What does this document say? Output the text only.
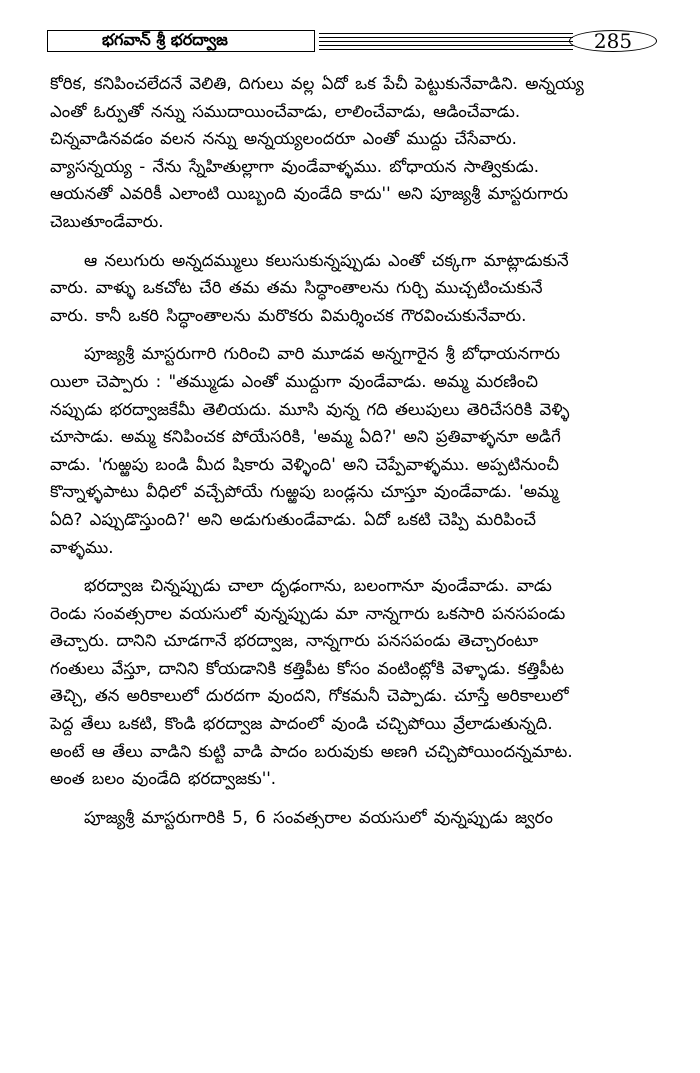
భగవాన్ శ్రీ భరద్వాజ	285
కోరిక, కనిపించలేదనే వెలితి, దిగులు వల్ల ఏదో ఒక పేచీ పెట్టుకునేవాడిని. అన్నయ్య
ఎంతో ఓర్పుతో నన్ను సముదాయించేవాడు, లాలించేవాడు, ఆడించేవాడు.
చిన్నవాడినవడం వలన నన్ను అన్నయ్యలందరూ ఎంతో ముద్దు చేసేవారు.
వ్యాసన్నయ్య - నేను స్నేహితుల్లాగా వుండేవాళ్ళము. బోధాయన సాత్వికుడు.
ఆయనతో ఎవరికీ ఎలాంటి యిబ్బంది వుండేది కాదు'' అని పూజ్యశ్రీ మాస్టరుగారు
చెబుతూండేవారు.
ఆ నలుగురు అన్నదమ్ములు కలుసుకున్నప్పుడు ఎంతో చక్కగా మాట్లాడుకునే
వారు. వాళ్ళు ఒకచోట చేరి తమ తమ సిద్ధాంతాలను గుర్చి ముచ్చటించుకునే
వారు. కానీ ఒకరి సిద్ధాంతాలను మరొకరు విమర్శించక గౌరవించుకునేవారు.
పూజ్యశ్రీ మాస్టరుగారి గురించి వారి మూడవ అన్నగారైన శ్రీ బోధాయనగారు
యిలా చెప్పారు : "తమ్ముడు ఎంతో ముద్దుగా వుండేవాడు. అమ్మ మరణించి
నప్పుడు భరద్వాజకేమీ తెలియదు. మూసి వున్న గది తలుపులు తెరిచేసరికి వెళ్ళి
చూసాడు. అమ్మ కనిపించక పోయేసరికి, 'అమ్మ ఏది?' అని ప్రతివాళ్ళనూ అడిగే
వాడు. 'గుఱ్ఱపు బండి మీద షికారు వెళ్ళింది' అని చెప్పేవాళ్ళము. అప్పటినుంచీ
కొన్నాళ్ళపాటు వీధిలో వచ్చేపోయే గుఱ్ఱపు బండ్లను చూస్తూ వుండేవాడు. 'అమ్మ
ఏది? ఎప్పుడొస్తుంది?' అని అడుగుతుండేవాడు. ఏదో ఒకటి చెప్పి మరిపించే
వాళ్ళము.
భరద్వాజ చిన్నప్పుడు చాలా దృఢంగాను, బలంగానూ వుండేవాడు. వాడు
రెండు సంవత్సరాల వయసులో వున్నప్పుడు మా నాన్నగారు ఒకసారి పనసపండు
తెచ్చారు. దానిని చూడగానే భరద్వాజ, నాన్నగారు పనసపండు తెచ్చారంటూ
గంతులు వేస్తూ, దానిని కోయడానికి కత్తిపీట కోసం వంటింట్లోకి వెళ్ళాడు. కత్తిపీట
తెచ్చి, తన అరికాలులో దురదగా వుందని, గోకమనీ చెప్పాడు. చూస్తే అరికాలులో
పెద్ద తేలు ఒకటి, కొండి భరద్వాజ పాదంలో వుండి చచ్చిపోయి వ్రేలాడుతున్నది.
అంటే ఆ తేలు వాడిని కుట్టి వాడి పాదం బరువుకు అణగి చచ్చిపోయిందన్నమాట.
అంత బలం వుండేది భరద్వాజకు''.
పూజ్యశ్రీ మాస్టరుగారికి 5, 6 సంవత్సరాల వయసులో వున్నప్పుడు జ్వరం
